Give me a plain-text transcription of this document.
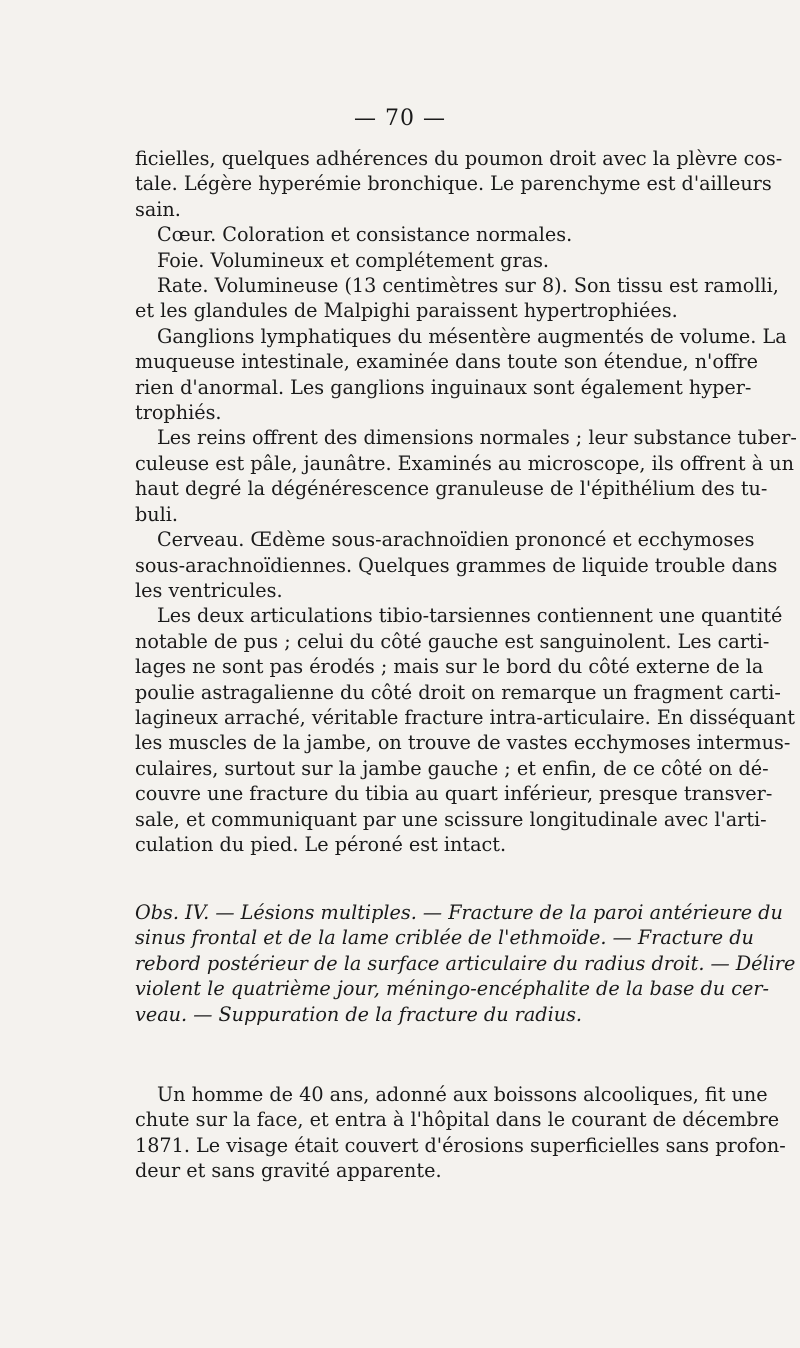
— 70 —
ficielles, quelques adhérences du poumon droit avec la plèvre cos-
tale. Légère hyperémie bronchique. Le parenchyme est d'ailleurs
sain.
Cœur. Coloration et consistance normales.
Foie. Volumineux et complétement gras.
Rate. Volumineuse (13 centimètres sur 8). Son tissu est ramolli,
et les glandules de Malpighi paraissent hypertrophiées.
Ganglions lymphatiques du mésentère augmentés de volume. La
muqueuse intestinale, examinée dans toute son étendue, n'offre
rien d'anormal. Les ganglions inguinaux sont également hyper-
trophiés.
Les reins offrent des dimensions normales ; leur substance tuber-
culeuse est pâle, jaunâtre. Examinés au microscope, ils offrent à un
haut degré la dégénérescence granuleuse de l'épithélium des tu-
buli.
Cerveau. Œdème sous-arachnoïdien prononcé et ecchymoses
sous-arachnoïdiennes. Quelques grammes de liquide trouble dans
les ventricules.
Les deux articulations tibio-tarsiennes contiennent une quantité
notable de pus ; celui du côté gauche est sanguinolent. Les carti-
lages ne sont pas érodés ; mais sur le bord du côté externe de la
poulie astragalienne du côté droit on remarque un fragment carti-
lagineux arraché, véritable fracture intra-articulaire. En disséquant
les muscles de la jambe, on trouve de vastes ecchymoses intermus-
culaires, surtout sur la jambe gauche ; et enfin, de ce côté on dé-
couvre une fracture du tibia au quart inférieur, presque transver-
sale, et communiquant par une scissure longitudinale avec l'arti-
culation du pied. Le péroné est intact.
Obs. IV. — Lésions multiples. — Fracture de la paroi antérieure du
sinus frontal et de la lame criblée de l'ethmoïde. — Fracture du
rebord postérieur de la surface articulaire du radius droit. — Délire
violent le quatrième jour, méningo-encéphalite de la base du cer-
veau. — Suppuration de la fracture du radius.
Un homme de 40 ans, adonné aux boissons alcooliques, fit une
chute sur la face, et entra à l'hôpital dans le courant de décembre
1871. Le visage était couvert d'érosions superficielles sans profon-
deur et sans gravité apparente.
